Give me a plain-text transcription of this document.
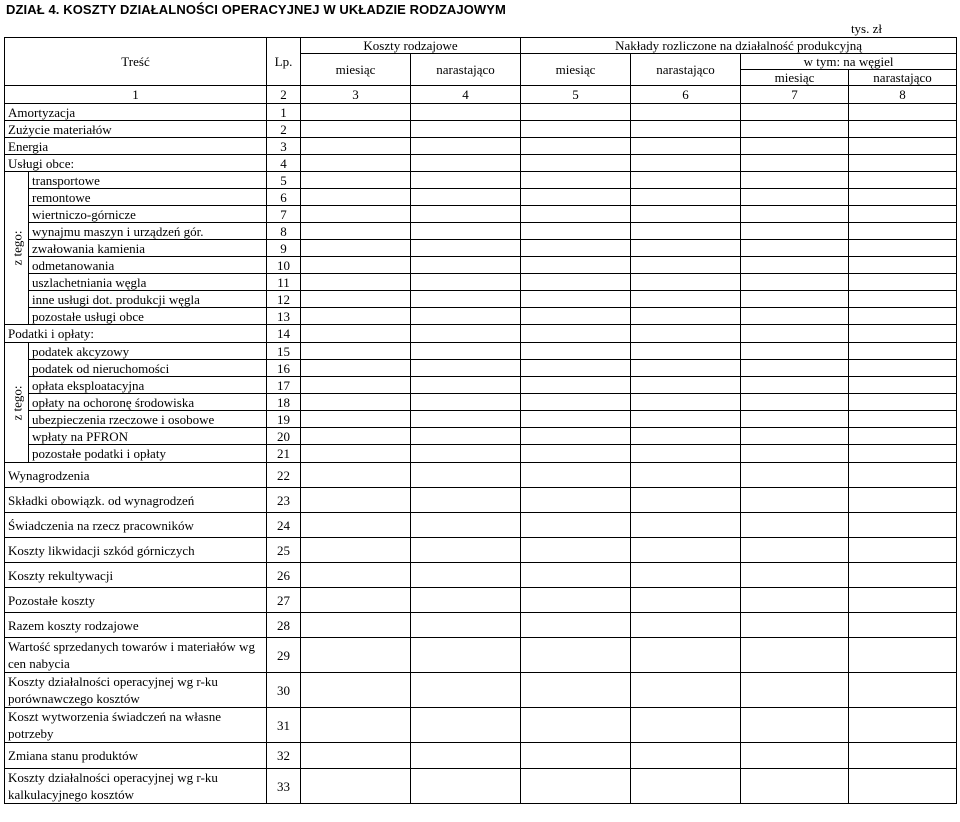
DZIAŁ 4. KOSZTY DZIAŁALNOŚCI OPERACYJNEJ W UKŁADZIE RODZAJOWYM
tys. zł
Treść		Lp.	Koszty rodzajowe		Nakłady rozliczone na działalność produkcyjną			
			miesiąc	narastająco	miesiąc	narastająco	w tym: na węgiel	
							miesiąc	narastająco
1		2	3	4	5	6	7	8
Amortyzacja		1						
Zużycie materiałów		2						
Energia		3						
Usługi obce:		4						

z tego:	transportowe	5						
	remontowe	6						
	wiertniczo-górnicze	7						
	wynajmu maszyn i urządzeń gór.	8						
	zwałowania kamienia	9						
	odmetanowania	10						
	uszlachetniania węgla	11						
	inne usługi dot. produkcji węgla	12						
	pozostałe usługi obce	13						
Podatki i opłaty:		14						

z tego:	podatek akcyzowy	15						
	podatek od nieruchomości	16						
	opłata eksploatacyjna	17						
	opłaty na ochoronę środowiska	18						
	ubezpieczenia rzeczowe i osobowe	19						
	wpłaty na PFRON	20						
	pozostałe podatki i opłaty	21						
Wynagrodzenia		22						
Składki obowiązk. od wynagrodzeń		23						
Świadczenia na rzecz pracowników		24						
Koszty likwidacji szkód górniczych		25						
Koszty rekultywacji		26						
Pozostałe koszty		27						
Razem koszty rodzajowe		28						
Wartość sprzedanych towarów i materiałów wg cen nabycia		29						
Koszty działalności operacyjnej wg r-ku porównawczego kosztów		30						
Koszt wytworzenia świadczeń na własne potrzeby		31						
Zmiana stanu produktów		32						
Koszty działalności operacyjnej wg r-ku kalkulacyjnego kosztów		33						
